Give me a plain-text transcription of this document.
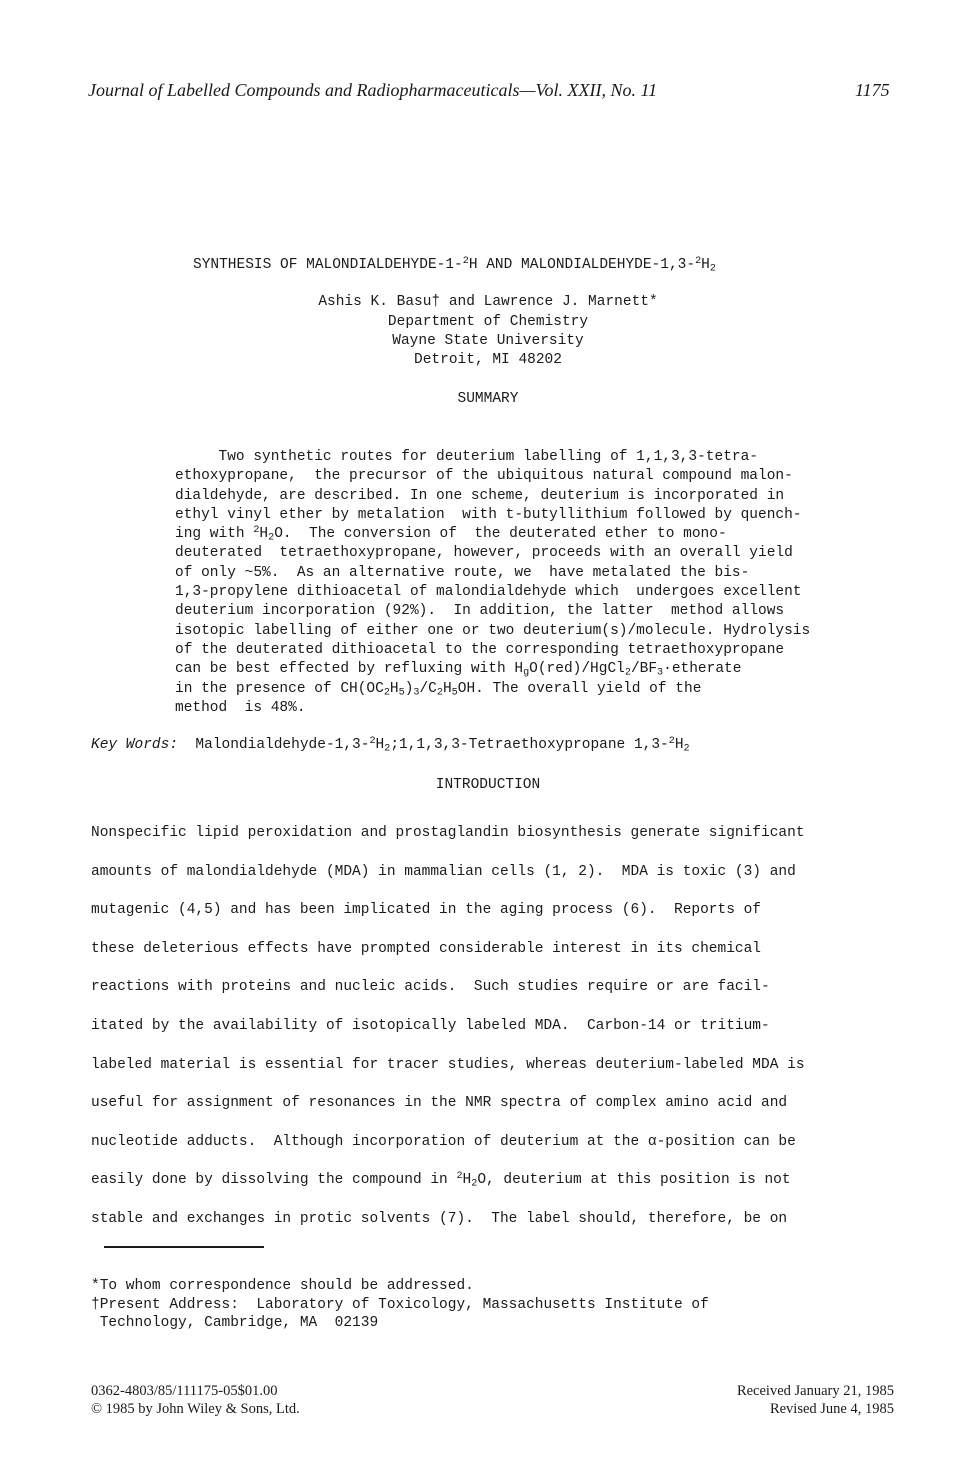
Journal of Labelled Compounds and Radiopharmaceuticals—Vol. XXII, No. 11	1175
SYNTHESIS OF MALONDIALDEHYDE-1-$^2$H AND MALONDIALDEHYDE-$1,3-^2H_2$
Ashis K. Basu† and Lawrence J. Marnett*
Department of Chemistry
Wayne State University
Detroit, MI 48202
SUMMARY
Two synthetic routes for deuterium labelling of 1,1,3,3-tetra-
ethoxypropane,  the precursor of the ubiquitous natural compound malon-
dialdehyde, are described. In one scheme, deuterium is incorporated in
ethyl vinyl ether by metalation  with t-butyllithium followed by quench-
ing with $^2H_2O$.  The conversion of  the deuterated ether to mono-
deuterated  tetraethoxypropane, however, proceeds with an overall yield
of only ~5%.  As an alternative route, we  have metalated the bis-
1,3-propylene dithioacetal of malondialdehyde which  undergoes excellent
deuterium incorporation (92%).  In addition, the latter  method allows
isotopic labelling of either one or two deuterium(s)/molecule. Hydrolysis
of the deuterated dithioacetal to the corresponding tetraethoxypropane
can be best effected by refluxing with $H_gO(red)/HgCl_2/BF_3\cdot etherate$
in the presence of $CH(OC_2H_5)_3/C_2H_5OH$. The overall yield of the
method  is 48%.
Key Words:  Malondialdehyde-$1,3-^2H_2;1,1,3,3$-Tetraethoxypropane $1,3-^2H_2$
INTRODUCTION
Nonspecific lipid peroxidation and prostaglandin biosynthesis generate significant
amounts of malondialdehyde (MDA) in mammalian cells (1, 2).  MDA is toxic (3) and
mutagenic (4,5) and has been implicated in the aging process (6).  Reports of
these deleterious effects have prompted considerable interest in its chemical
reactions with proteins and nucleic acids.  Such studies require or are facil-
itated by the availability of isotopically labeled MDA.  Carbon-14 or tritium-
labeled material is essential for tracer studies, whereas deuterium-labeled MDA is
useful for assignment of resonances in the NMR spectra of complex amino acid and
nucleotide adducts.  Although incorporation of deuterium at the α-position can be
easily done by dissolving the compound in $^2H_2O$, deuterium at this position is not
stable and exchanges in protic solvents (7).  The label should, therefore, be on
*To whom correspondence should be addressed.
†Present Address:  Laboratory of Toxicology, Massachusetts Institute of
Technology, Cambridge, MA  02139
0362-4803/85/111175-05$01.00
© 1985 by John Wiley & Sons, Ltd.
Received January 21, 1985
Revised June 4, 1985
